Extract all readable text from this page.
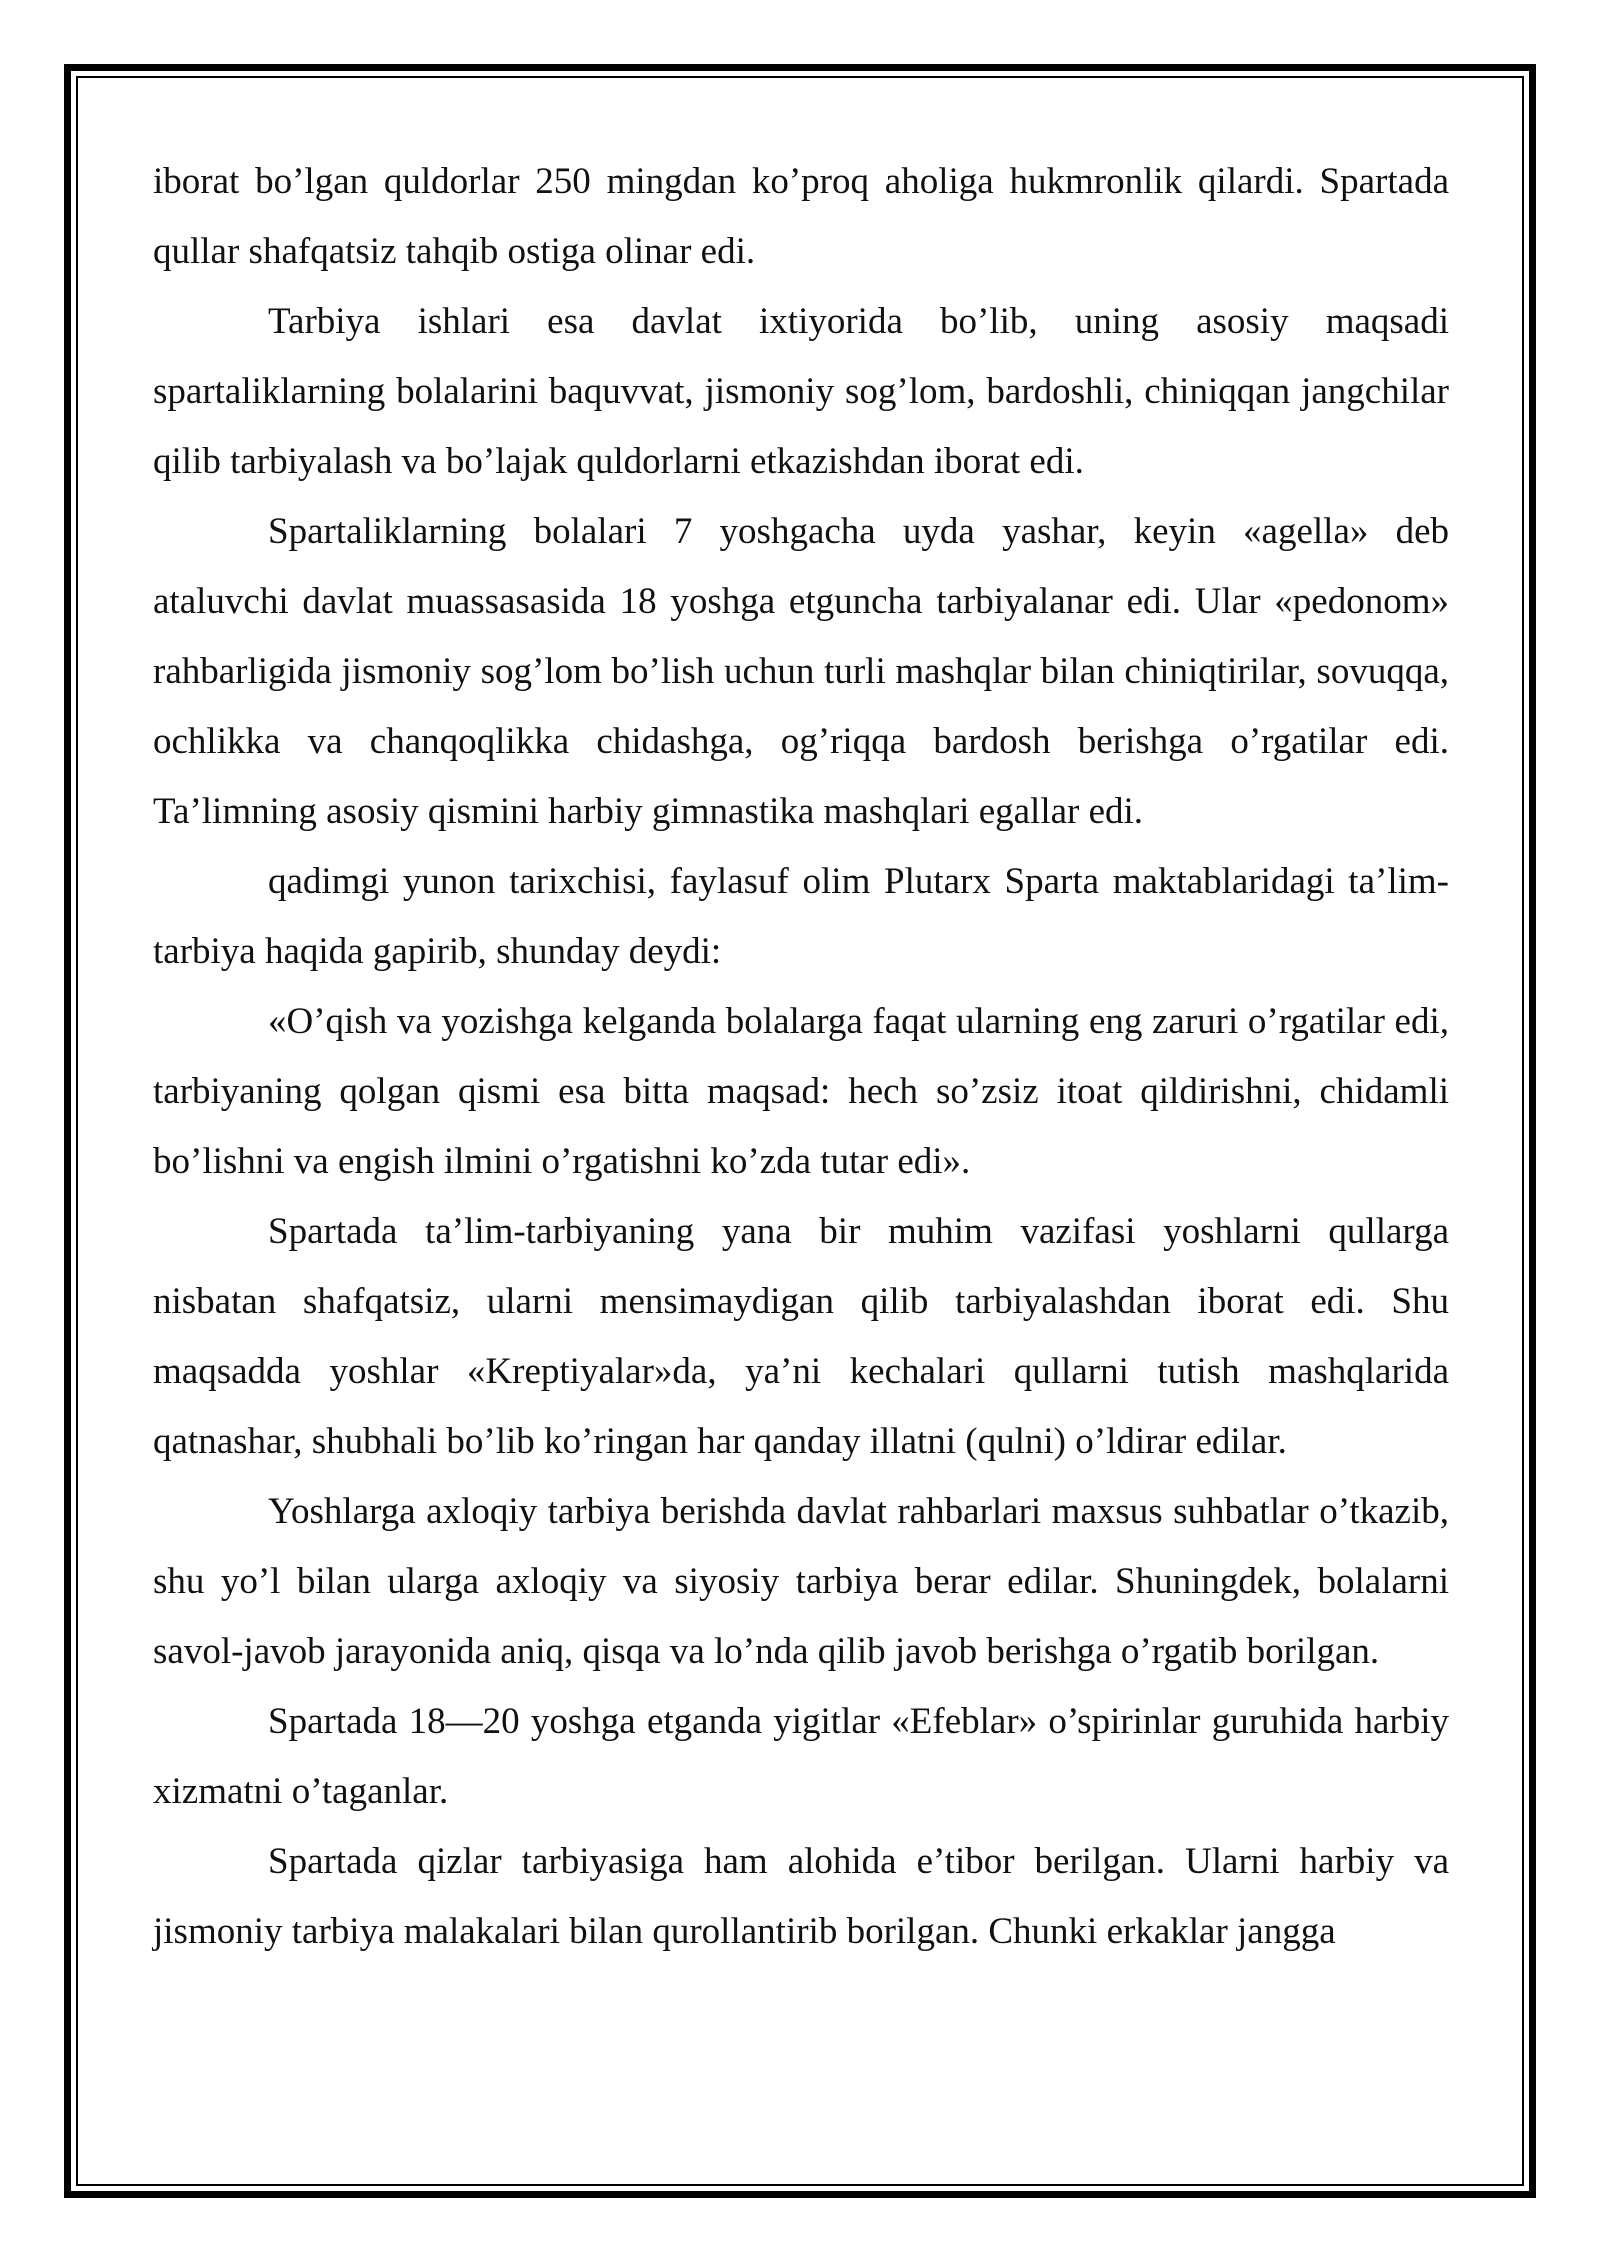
iborat bo’lgan quldorlar 250 mingdan ko’proq aholiga hukmronlik qilardi. Spartada qullar shafqatsiz tahqib ostiga olinar edi.

Tarbiya ishlari esa davlat ixtiyorida bo’lib, uning asosiy maqsadi spartaliklarning bolalarini baquvvat, jismoniy sog’lom, bardoshli, chiniqqan jangchilar qilib tarbiyalash va bo’lajak quldorlarni etkazishdan iborat edi.

Spartaliklarning bolalari 7 yoshgacha uyda yashar, keyin «agella» deb ataluvchi davlat muassasasida 18 yoshga etguncha tarbiyalanar edi. Ular «pedonom» rahbarligida jismoniy sog’lom bo’lish uchun turli mashqlar bilan chiniqtirilar, sovuqqa, ochlikka va chanqoqlikka chidashga, og’riqqa bardosh berishga o’rgatilar edi. Ta’limning asosiy qismini harbiy gimnastika mashqlari egallar edi.

qadimgi yunon tarixchisi, faylasuf olim Plutarx Sparta maktablaridagi ta’lim-tarbiya haqida gapirib, shunday deydi:

«O’qish va yozishga kelganda bolalarga faqat ularning eng zaruri o’rgatilar edi, tarbiyaning qolgan qismi esa bitta maqsad: hech so’zsiz itoat qildirishni, chidamli bo’lishni va engish ilmini o’rgatishni ko’zda tutar edi».

Spartada ta’lim-tarbiyaning yana bir muhim vazifasi yoshlarni qullarga nisbatan shafqatsiz, ularni mensimaydigan qilib tarbiyalashdan iborat edi. Shu maqsadda yoshlar «Kreptiyalar»da, ya’ni kechalari qullarni tutish mashqlarida qatnashar, shubhali bo’lib ko’ringan har qanday illatni (qulni) o’ldirar edilar.

Yoshlarga axloqiy tarbiya berishda davlat rahbarlari maxsus suhbatlar o’tkazib, shu yo’l bilan ularga axloqiy va siyosiy tarbiya berar edilar. Shuningdek, bolalarni savol-javob jarayonida aniq, qisqa va lo’nda qilib javob berishga o’rgatib borilgan.

Spartada 18—20 yoshga etganda yigitlar «Efeblar» o’spirinlar guruhida harbiy xizmatni o’taganlar.

Spartada qizlar tarbiyasiga ham alohida e’tibor berilgan. Ularni harbiy va jismoniy tarbiya malakalari bilan qurollantirib borilgan. Chunki erkaklar jangga
